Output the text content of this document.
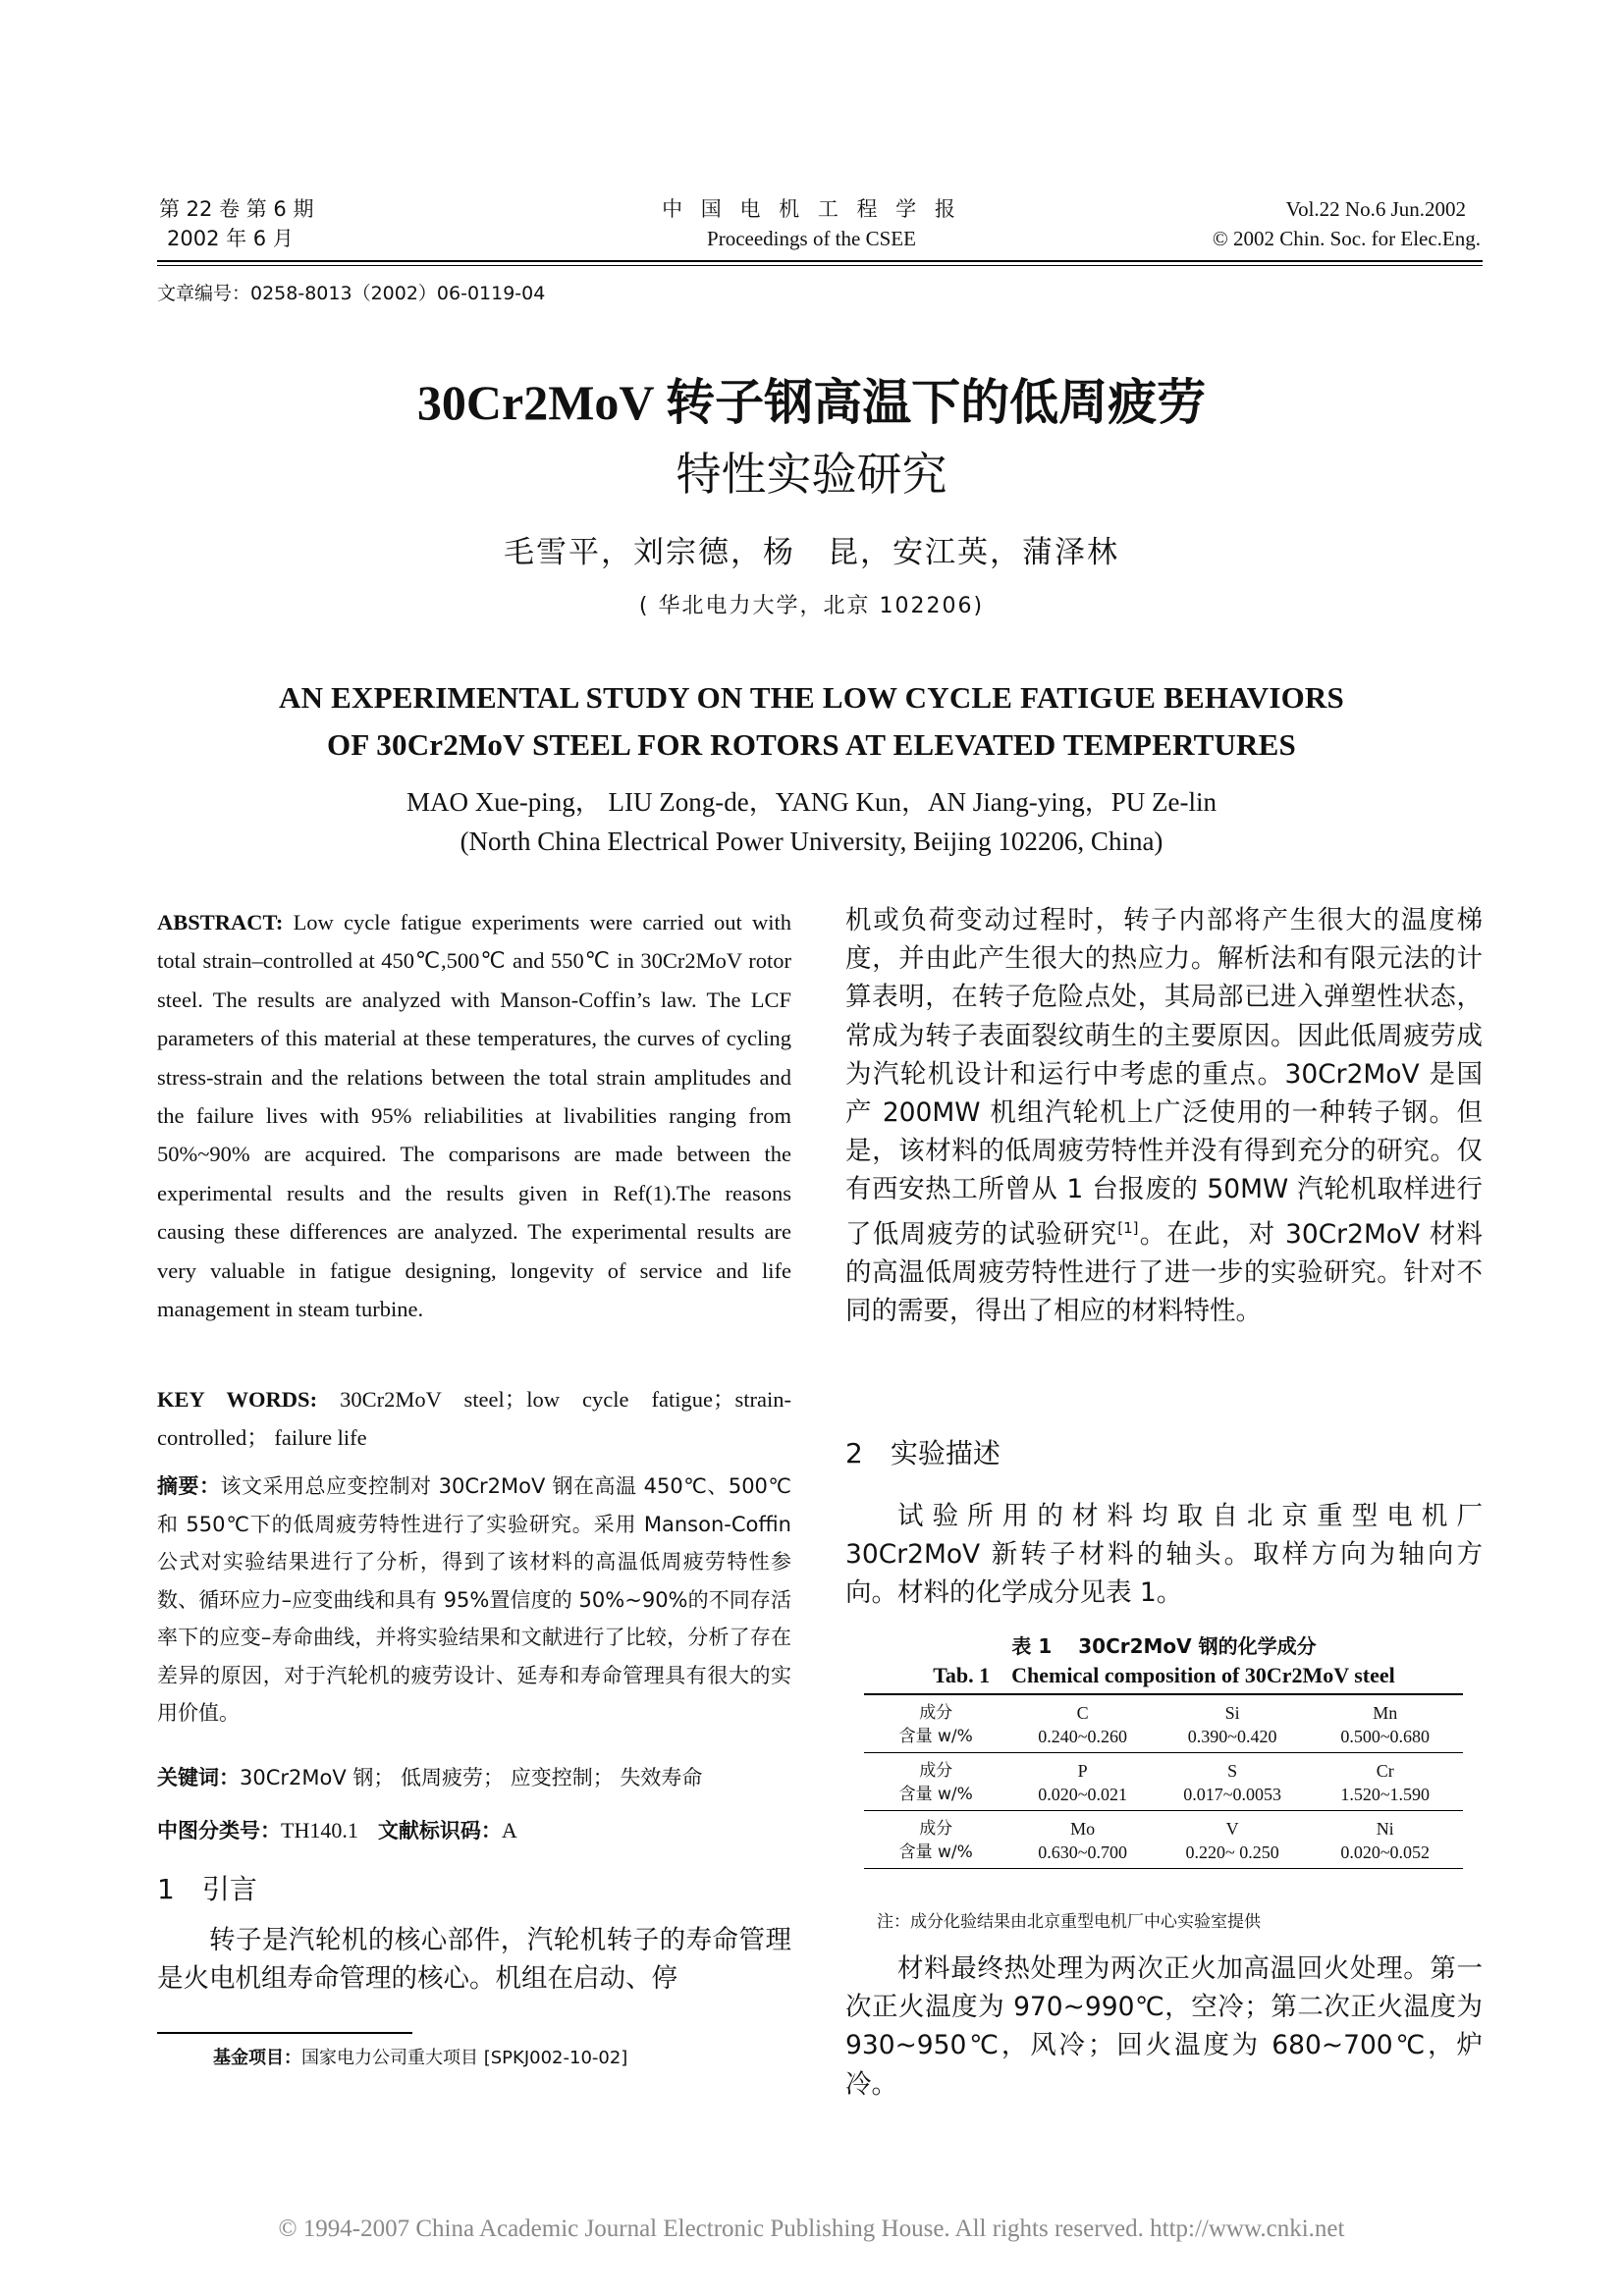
第 22 卷 第 6 期
2002 年 6 月
中 国 电 机 工 程 学 报
Proceedings of the CSEE
Vol.22 No.6 Jun.2002
© 2002 Chin. Soc. for Elec.Eng.
文章编号：0258-8013（2002）06-0119-04
30Cr2MoV 转子钢高温下的低周疲劳
特性实验研究
毛雪平，刘宗德，杨　昆，安江英，蒲泽林
( 华北电力大学，北京 102206)
AN EXPERIMENTAL STUDY ON THE LOW CYCLE FATIGUE BEHAVIORS
OF 30Cr2MoV STEEL FOR ROTORS AT ELEVATED TEMPERTURES
MAO Xue-ping， LIU Zong-de，YANG Kun，AN Jiang-ying，PU Ze-lin
(North China Electrical Power University, Beijing 102206, China)
ABSTRACT: Low cycle fatigue experiments were carried out with total strain–controlled at 450℃,500℃ and 550℃ in 30Cr2MoV rotor steel. The results are analyzed with Manson-Coffin’s law. The LCF parameters of this material at these temperatures, the curves of cycling stress-strain and the relations between the total strain amplitudes and the failure lives with 95% reliabilities at livabilities ranging from 50%~90% are acquired. The comparisons are made between the experimental results and the results given in Ref(1).The reasons causing these differences are analyzed. The experimental results are very valuable in fatigue designing, longevity of service and life management in steam turbine.
KEY WORDS: 30Cr2MoV steel；low cycle fatigue；strain-controlled； failure life
摘要：该文采用总应变控制对 30Cr2MoV 钢在高温 450℃、500℃和 550℃下的低周疲劳特性进行了实验研究。采用 Manson-Coffin 公式对实验结果进行了分析，得到了该材料的高温低周疲劳特性参数、循环应力–应变曲线和具有 95%置信度的 50%~90%的不同存活率下的应变–寿命曲线，并将实验结果和文献进行了比较，分析了存在差异的原因，对于汽轮机的疲劳设计、延寿和寿命管理具有很大的实用价值。
关键词：30Cr2MoV 钢； 低周疲劳； 应变控制； 失效寿命
中图分类号：TH140.1 文献标识码：A
1　引言
转子是汽轮机的核心部件，汽轮机转子的寿命管理是火电机组寿命管理的核心。机组在启动、停
基金项目：国家电力公司重大项目 [SPKJ002-10-02]
机或负荷变动过程时，转子内部将产生很大的温度梯度，并由此产生很大的热应力。解析法和有限元法的计算表明，在转子危险点处，其局部已进入弹塑性状态，常成为转子表面裂纹萌生的主要原因。因此低周疲劳成为汽轮机设计和运行中考虑的重点。30Cr2MoV 是国产 200MW 机组汽轮机上广泛使用的一种转子钢。但是，该材料的低周疲劳特性并没有得到充分的研究。仅有西安热工所曾从 1 台报废的 50MW 汽轮机取样进行了低周疲劳的试验研究[1]。在此，对 30Cr2MoV 材料的高温低周疲劳特性进行了进一步的实验研究。针对不同的需要，得出了相应的材料特性。
2　实验描述
试验所用的材料均取自北京重型电机厂 30Cr2MoV 新转子材料的轴头。取样方向为轴向方向。材料的化学成分见表 1。
表 1　 30Cr2MoV 钢的化学成分
Tab. 1　Chemical composition of 30Cr2MoV steel
成分	C	Si	Mn
含量 w/%	0.240~0.260	0.390~0.420	0.500~0.680
成分	P	S	Cr
含量 w/%	0.020~0.021	0.017~0.0053	1.520~1.590
成分	Mo	V	Ni
含量 w/%	0.630~0.700	0.220~ 0.250	0.020~0.052
注：成分化验结果由北京重型电机厂中心实验室提供
材料最终热处理为两次正火加高温回火处理。第一次正火温度为 970~990℃，空冷；第二次正火温度为 930~950℃，风冷；回火温度为 680~700℃，炉冷。
© 1994-2007 China Academic Journal Electronic Publishing House. All rights reserved. http://www.cnki.net
